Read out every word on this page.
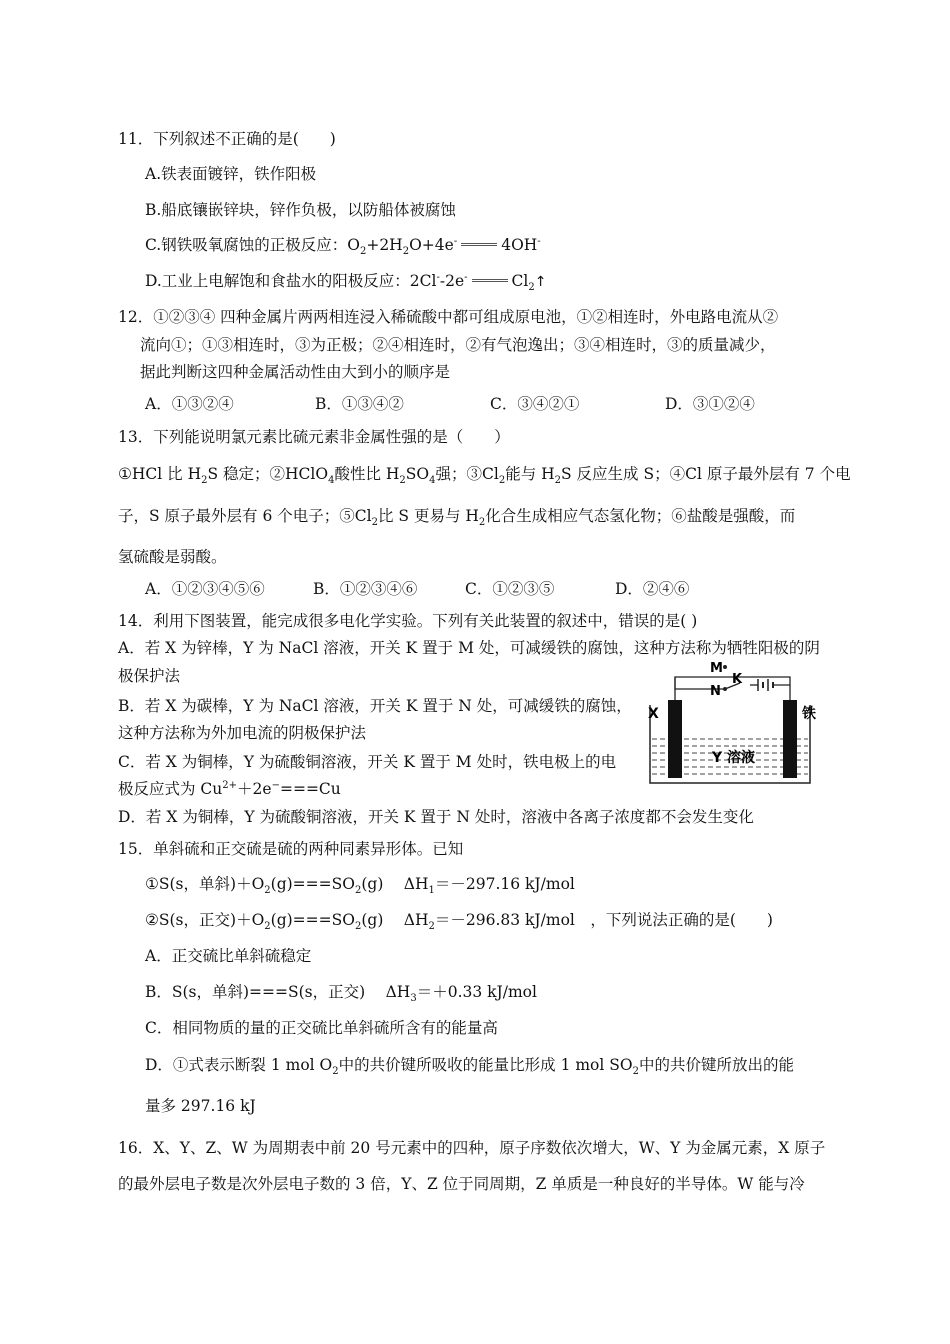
11．下列叙述不正确的是(　　)
A.铁表面镀锌，铁作阳极
B.船底镶嵌锌块，锌作负极，以防船体被腐蚀
C.钢铁吸氧腐蚀的正极反应：$O_2+2H_2O+4e^-$	4OH-
D.工业上电解饱和食盐水的阳极反应：2Cl--2e-	$Cl_2↑$
12．①②③④ 四种金属片两两相连浸入稀硫酸中都可组成原电池，①②相连时，外电路电流从②
流向①；①③相连时，③为正极；②④相连时，②有气泡逸出；③④相连时，③的质量减少，
据此判断这四种金属活动性由大到小的顺序是
A．①③②④	B．①③④②	C．③④②①	D．③①②④
13．下列能说明氯元素比硫元素非金属性强的是（　　）
①HCl 比 $H_2S$ 稳定；②HClO$_4$酸性比 $H_2SO_4$强；$③Cl_2$能与 $H_2S$ 反应生成 S；④Cl 原子最外层有 7 个电
子，S 原子最外层有 6 个电子；$⑤Cl_2$比 S 更易与 $H_2$化合生成相应气态氢化物；⑥盐酸是强酸，而
氢硫酸是弱酸。
A．①②③④⑤⑥	B．①②③④⑥	C．①②③⑤	D．②④⑥
14．利用下图装置，能完成很多电化学实验。下列有关此装置的叙述中，错误的是( )
A．若 X 为锌棒，Y 为 NaCl 溶液，开关 K 置于 M 处，可减缓铁的腐蚀，这种方法称为牺牲阳极的阴
极保护法
B．若 X 为碳棒，Y 为 NaCl 溶液，开关 K 置于 N 处，可减缓铁的腐蚀，
这种方法称为外加电流的阴极保护法
C．若 X 为铜棒，Y 为硫酸铜溶液，开关 K 置于 M 处时，铁电极上的电
极反应式为 $Cu^{2+}+2e^-===Cu$
D．若 X 为铜棒，Y 为硫酸铜溶液，开关 K 置于 N 处时，溶液中各离子浓度都不会发生变化
M
K
N
X	铁
Y 溶液
15．单斜硫和正交硫是硫的两种同素异形体。已知
①S(s，单斜)$+O_2(g)===SO_2(g)$　 $\Delta H_1=-297.16$ kJ/mol
②S(s，正交)$+O_2(g)===SO_2(g)$　 $\Delta H_2=-296.83$ kJ/mol　，下列说法正确的是(　　)
A．正交硫比单斜硫稳定
B．S(s，单斜)===S(s，正交)　 $\Delta H_3=+0.33$ kJ/mol
C．相同物质的量的正交硫比单斜硫所含有的能量高
D．①式表示断裂 1 mol $O_2$中的共价键所吸收的能量比形成 1 mol $SO_2$中的共价键所放出的能
量多 297.16 kJ
16．X、Y、Z、W 为周期表中前 20 号元素中的四种，原子序数依次增大，W、Y 为金属元素，X 原子
的最外层电子数是次外层电子数的 3 倍，Y、Z 位于同周期，Z 单质是一种良好的半导体。W 能与冷
